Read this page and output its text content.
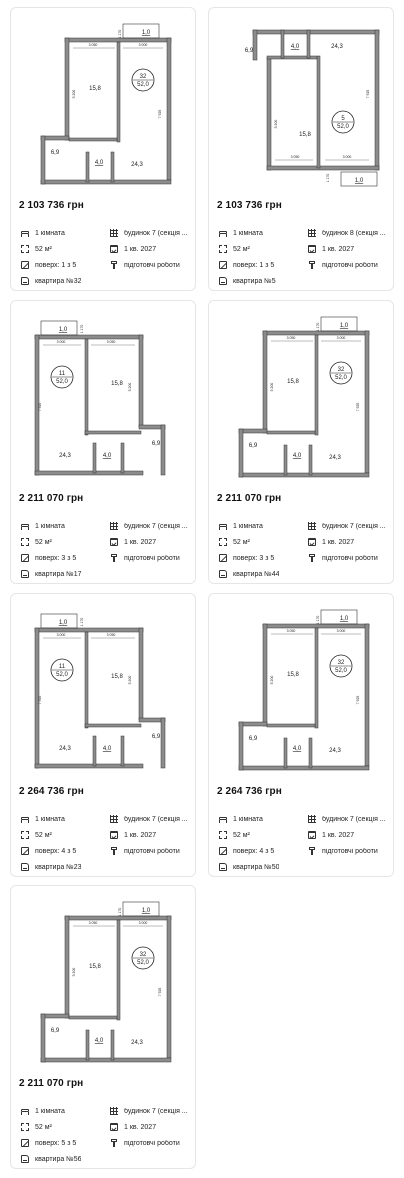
1,0
3 050	3 000
5 200
7 925
1 170
15,8
24,3
6,9
4,0
32
52,0
2 103 736 грн
1 кімната	будинок 7 (секція ...
52 м²	1 кв. 2027
поверх: 1 з 5	підготовчі роботи
квартира №32
1,0
3 050	3 000
5 200
7 925
1 170
15,8
24,3
6,9
4,0
5
52,0
2 103 736 грн
1 кімната	будинок 8 (секція ...
52 м²	1 кв. 2027
поверх: 1 з 5	підготовчі роботи
квартира №5
1,0
3 000	3 050
5 200
7 925
1 170
15,8
24,3
6,9
4,0
11
52,0
2 211 070 грн
1 кімната	будинок 7 (секція ...
52 м²	1 кв. 2027
поверх: 3 з 5	підготовчі роботи
квартира №17
1,0
3 050	3 000
5 200
7 925
1 170
15,8
24,3
6,9
4,0
32
52,0
2 211 070 грн
1 кімната	будинок 7 (секція ...
52 м²	1 кв. 2027
поверх: 3 з 5	підготовчі роботи
квартира №44
1,0
3 000	3 050
5 200
7 925
1 170
15,8
24,3
6,9
4,0
11
52,0
2 264 736 грн
1 кімната	будинок 7 (секція ...
52 м²	1 кв. 2027
поверх: 4 з 5	підготовчі роботи
квартира №23
1,0
3 050	3 000
5 200
7 925
1 170
15,8
24,3
6,9
4,0
32
52,0
2 264 736 грн
1 кімната	будинок 7 (секція ...
52 м²	1 кв. 2027
поверх: 4 з 5	підготовчі роботи
квартира №50
1,0
3 050	3 000
5 200
7 925
1 170
15,8
24,3
6,9
4,0
32
52,0
2 211 070 грн
1 кімната	будинок 7 (секція ...
52 м²	1 кв. 2027
поверх: 5 з 5	підготовчі роботи
квартира №56
